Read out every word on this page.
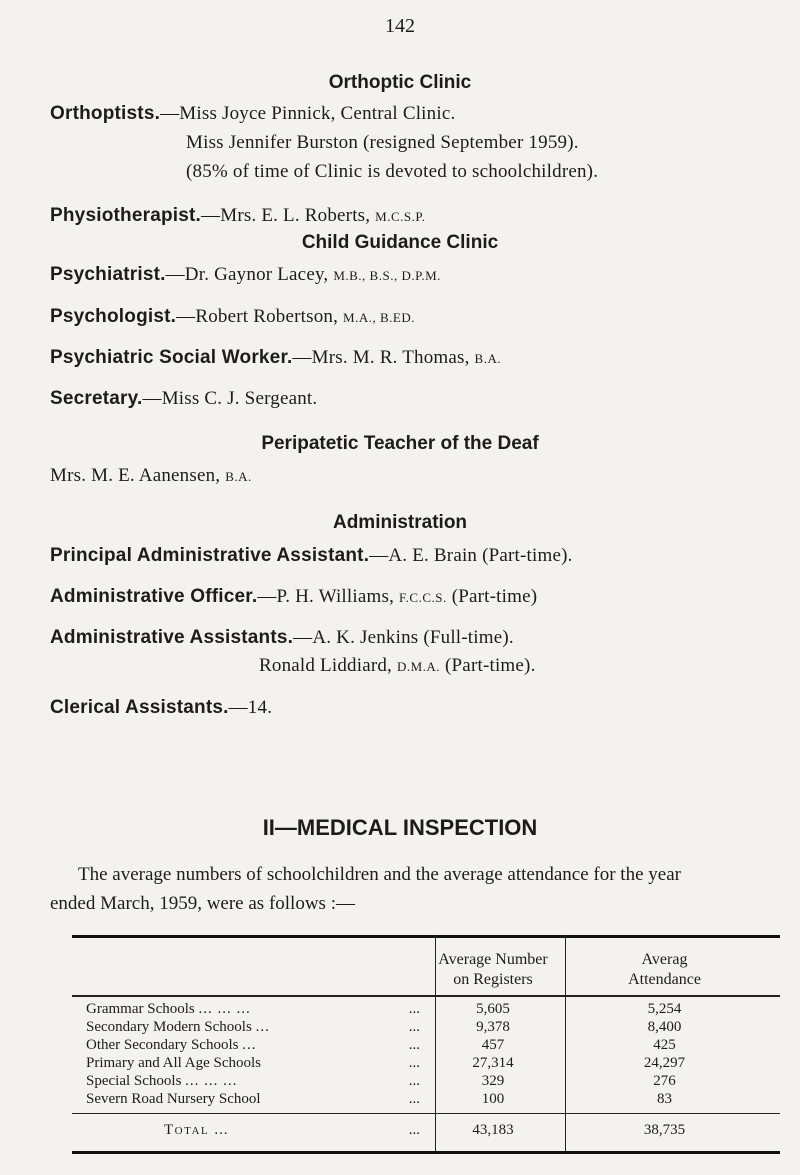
142
Orthoptic Clinic
Orthoptists.—Miss Joyce Pinnick, Central Clinic.
Miss Jennifer Burston (resigned September 1959).
(85% of time of Clinic is devoted to schoolchildren).
Physiotherapist.—Mrs. E. L. Roberts, M.C.S.P.
Child Guidance Clinic
Psychiatrist.—Dr. Gaynor Lacey, M.B., B.S., D.P.M.
Psychologist.—Robert Robertson, M.A., B.ED.
Psychiatric Social Worker.—Mrs. M. R. Thomas, B.A.
Secretary.—Miss C. J. Sergeant.
Peripatetic Teacher of the Deaf
Mrs. M. E. Aanensen, B.A.
Administration
Principal Administrative Assistant.—A. E. Brain (Part-time).
Administrative Officer.—P. H. Williams, F.C.C.S. (Part-time)
Administrative Assistants.—A. K. Jenkins (Full-time).
Ronald Liddiard, D.M.A. (Part-time).
Clerical Assistants.—14.
II—MEDICAL INSPECTION
The average numbers of schoolchildren and the average attendance for the year
ended March, 1959, were as follows :—
Average Number
on Registers
Averag
Attendance
Grammar Schools ... ... ...	...	5,605	5,254
Secondary Modern Schools ...	...	9,378	8,400
Other Secondary Schools ...	...	457	425
Primary and All Age Schools	...	27,314	24,297
Special Schools ... ... ...	...	329	276
Severn Road Nursery School	...	100	83
Total ...	...	43,183	38,735
